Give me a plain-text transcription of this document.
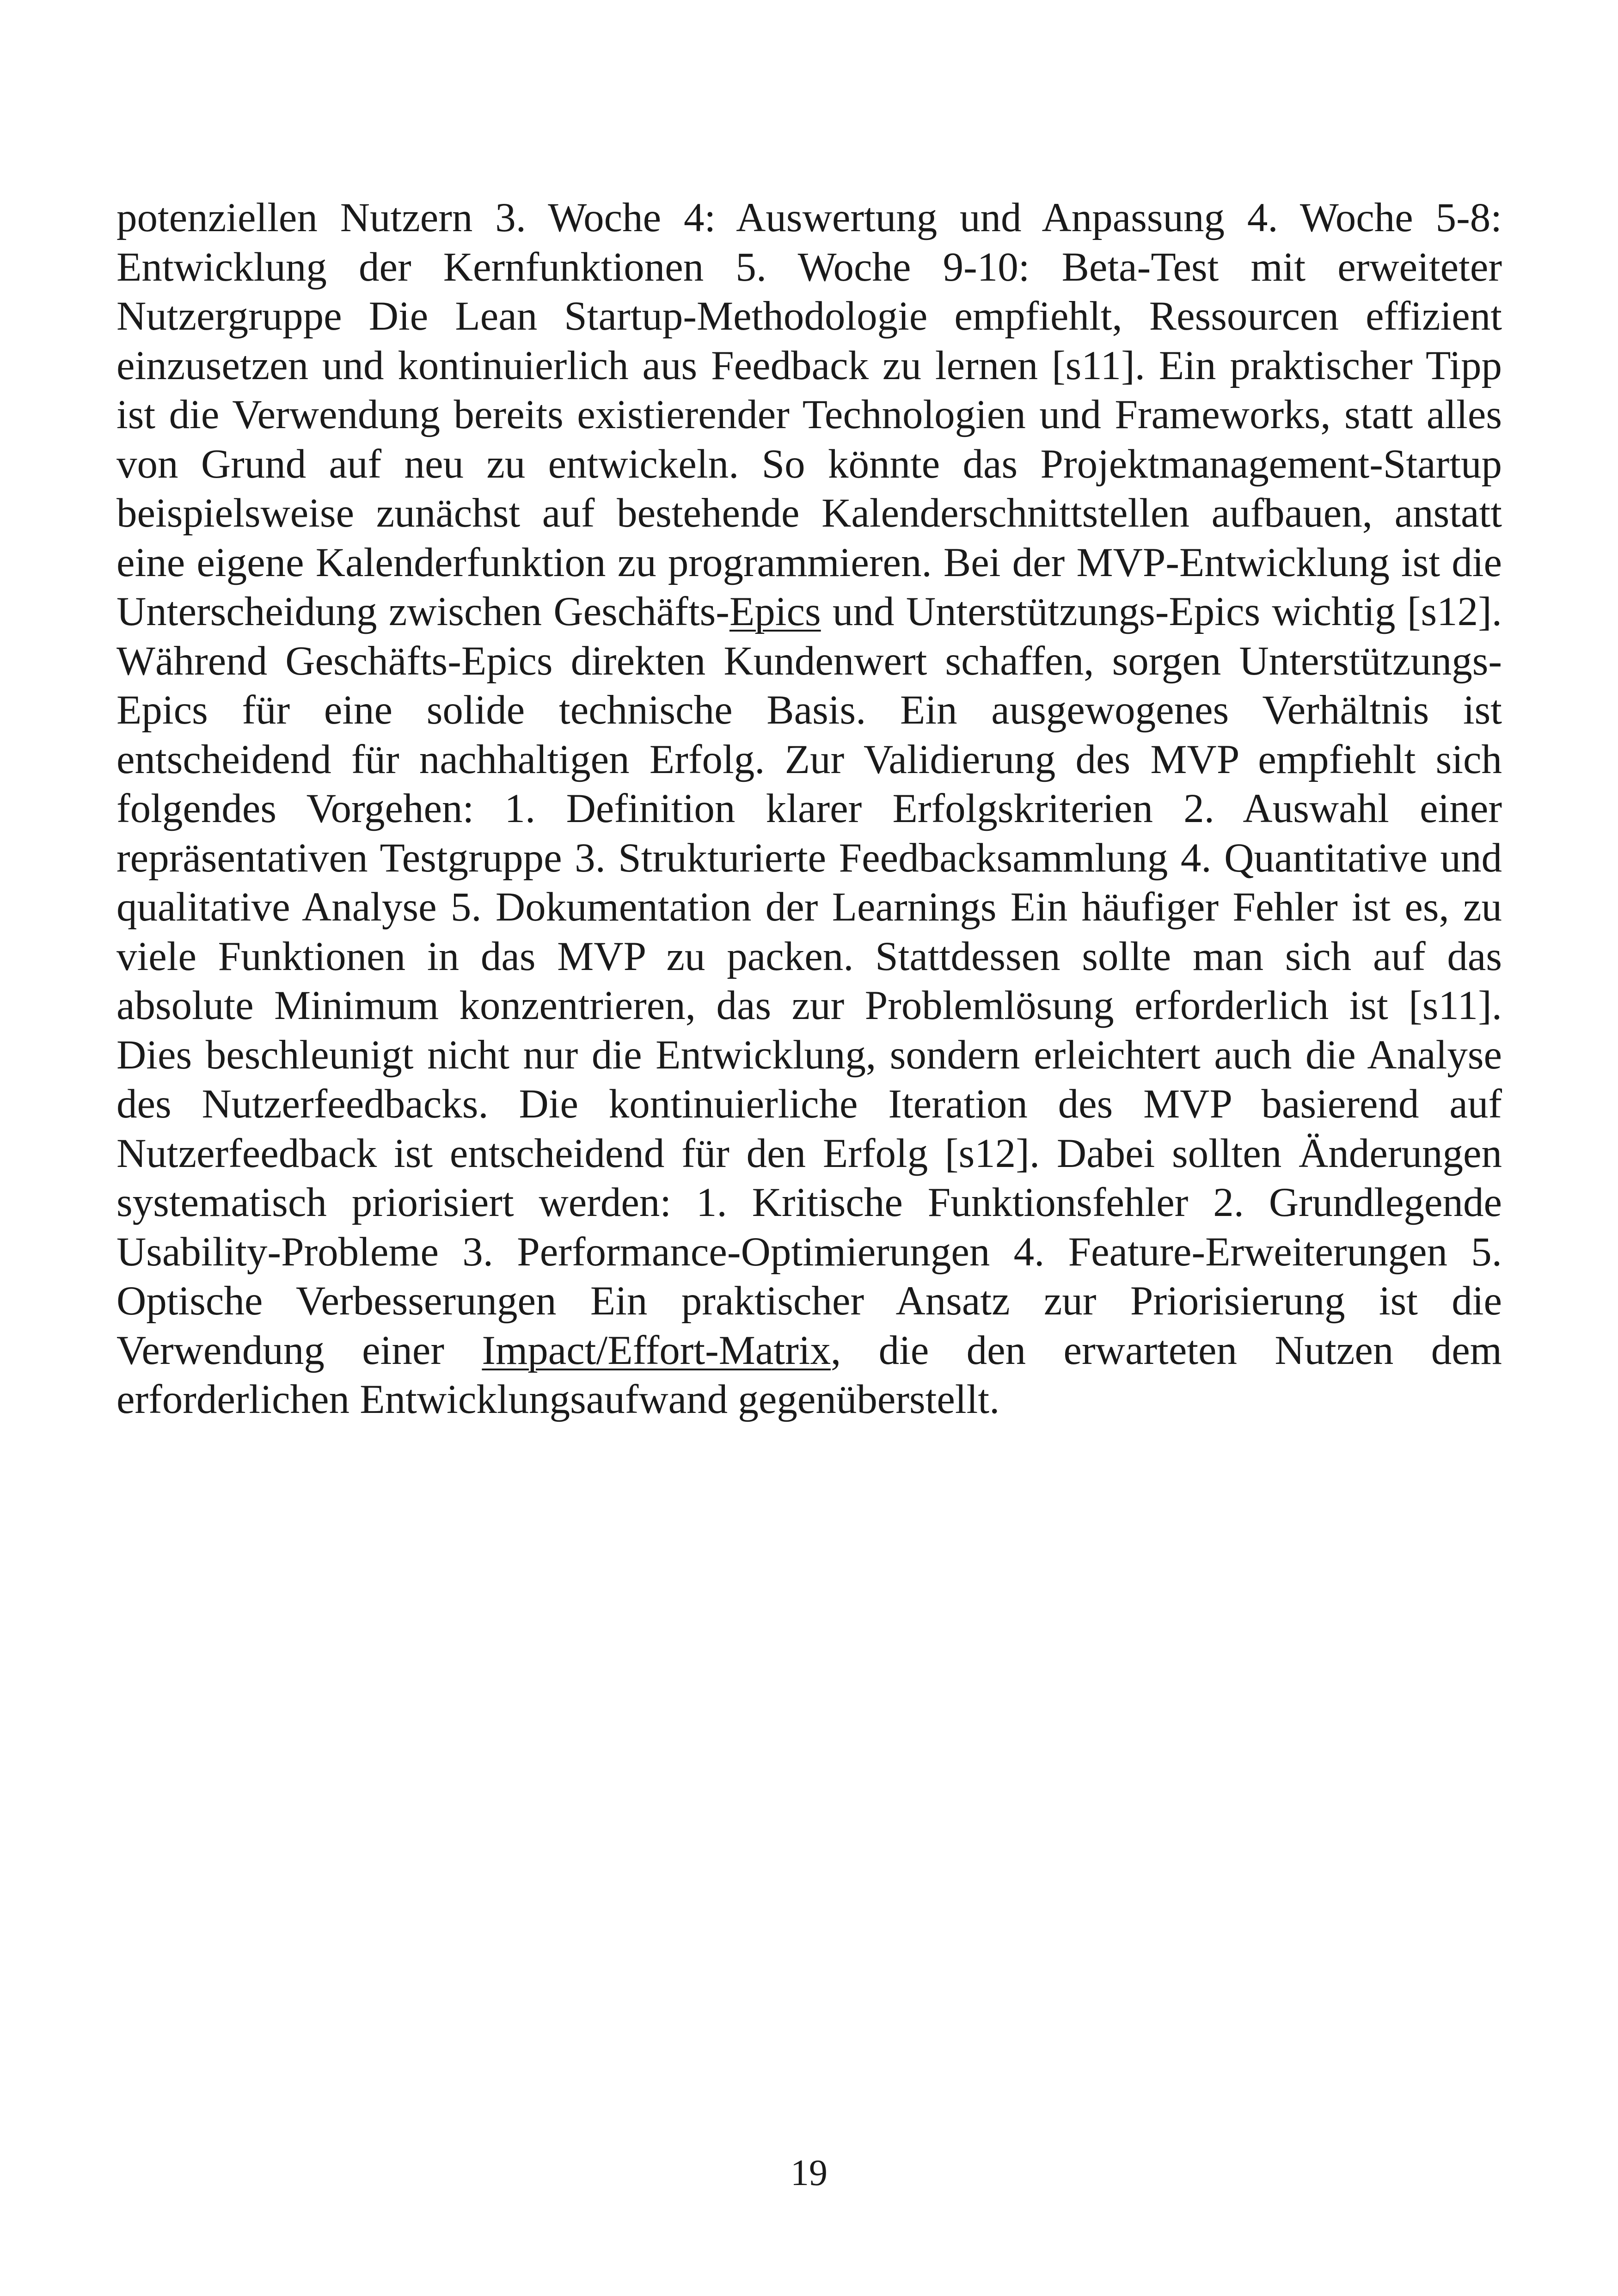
potenziellen Nutzern 3. Woche 4: Auswertung und Anpassung 4. Woche 5-8: Entwicklung der Kernfunktionen 5. Woche 9-10: Beta-Test mit erweiteter Nutzergruppe Die Lean Startup-Methodologie empfiehlt, Ressourcen effizient einzusetzen und kontinuierlich aus Feedback zu lernen [s11]. Ein praktischer Tipp ist die Verwendung bereits existierender Technologien und Frameworks, statt alles von Grund auf neu zu entwickeln. So könnte das Projektmanagement-Startup beispielsweise zunächst auf bestehende Kalenderschnittstellen aufbauen, anstatt eine eigene Kalenderfunktion zu programmieren. Bei der MVP-Entwicklung ist die Unterscheidung zwischen Geschäfts-Epics und Unterstützungs-Epics wichtig [s12]. Während Geschäfts-Epics direkten Kundenwert schaffen, sorgen Unterstützungs-Epics für eine solide technische Basis. Ein ausgewogenes Verhältnis ist entscheidend für nachhaltigen Erfolg. Zur Validierung des MVP empfiehlt sich folgendes Vorgehen: 1. Definition klarer Erfolgskriterien 2. Auswahl einer repräsentativen Testgruppe 3. Strukturierte Feedbacksammlung 4. Quantitative und qualitative Analyse 5. Dokumentation der Learnings Ein häufiger Fehler ist es, zu viele Funktionen in das MVP zu packen. Stattdessen sollte man sich auf das absolute Minimum konzentrieren, das zur Problemlösung erforderlich ist [s11]. Dies beschleunigt nicht nur die Entwicklung, sondern erleichtert auch die Analyse des Nutzerfeedbacks. Die kontinuierliche Iteration des MVP basierend auf Nutzerfeedback ist entscheidend für den Erfolg [s12]. Dabei sollten Änderungen systematisch priorisiert werden: 1. Kritische Funktionsfehler 2. Grundlegende Usability-Probleme 3. Performance-Optimierungen 4. Feature-Erweiterungen 5. Optische Verbesserungen Ein praktischer Ansatz zur Priorisierung ist die Verwendung einer Impact/Effort-Matrix, die den erwarteten Nutzen dem erforderlichen Entwicklungsaufwand gegenüberstellt.

19
